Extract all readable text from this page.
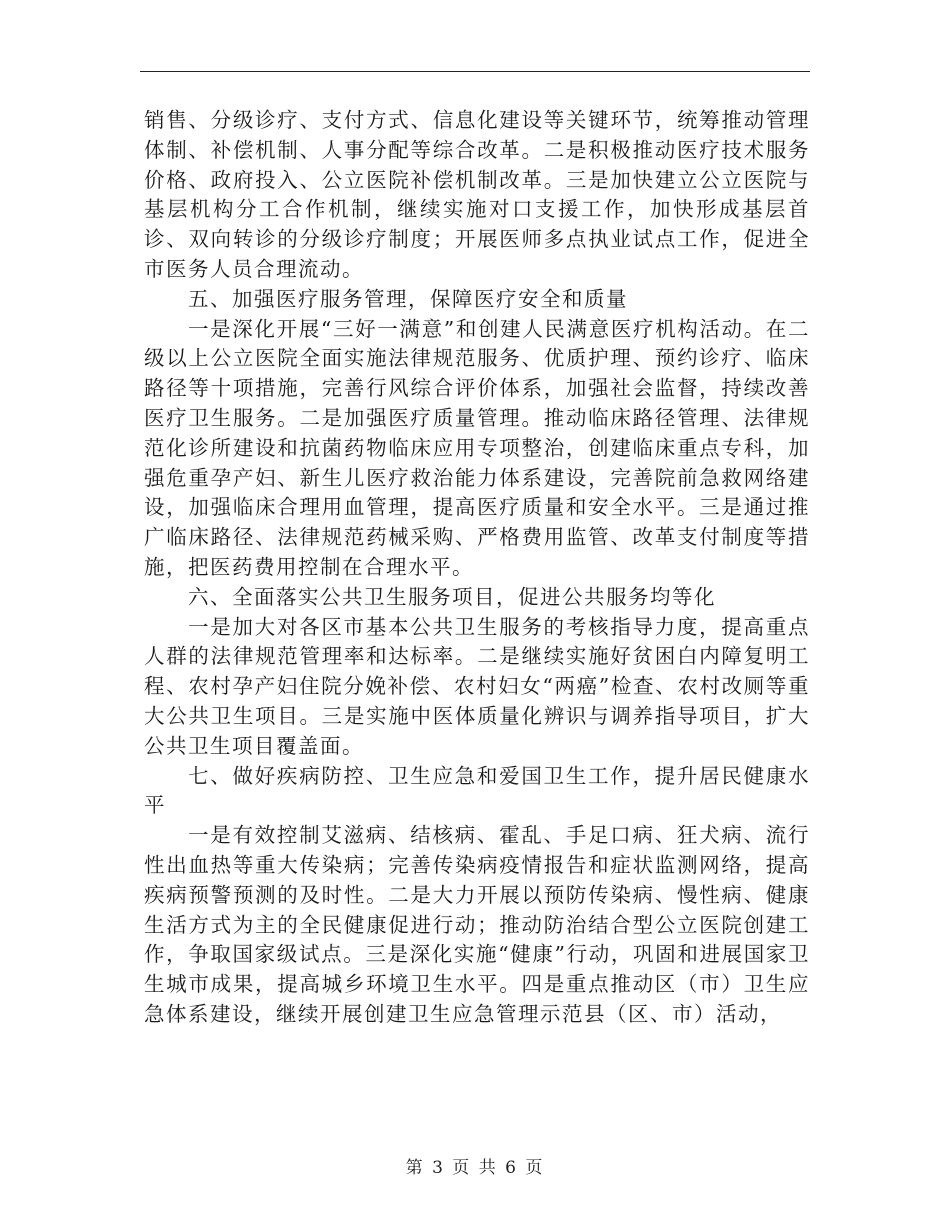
销售、分级诊疗、支付方式、信息化建设等关键环节，统筹推动管理体制、补偿机制、人事分配等综合改革。二是积极推动医疗技术服务价格、政府投入、公立医院补偿机制改革。三是加快建立公立医院与基层机构分工合作机制，继续实施对口支援工作，加快形成基层首诊、双向转诊的分级诊疗制度；开展医师多点执业试点工作，促进全市医务人员合理流动。

五、加强医疗服务管理，保障医疗安全和质量

一是深化开展“三好一满意”和创建人民满意医疗机构活动。在二级以上公立医院全面实施法律规范服务、优质护理、预约诊疗、临床路径等十项措施，完善行风综合评价体系，加强社会监督，持续改善医疗卫生服务。二是加强医疗质量管理。推动临床路径管理、法律规范化诊所建设和抗菌药物临床应用专项整治，创建临床重点专科，加强危重孕产妇、新生儿医疗救治能力体系建设，完善院前急救网络建设，加强临床合理用血管理，提高医疗质量和安全水平。三是通过推广临床路径、法律规范药械采购、严格费用监管、改革支付制度等措施，把医药费用控制在合理水平。

六、全面落实公共卫生服务项目，促进公共服务均等化

一是加大对各区市基本公共卫生服务的考核指导力度，提高重点人群的法律规范管理率和达标率。二是继续实施好贫困白内障复明工程、农村孕产妇住院分娩补偿、农村妇女“两癌”检查、农村改厕等重大公共卫生项目。三是实施中医体质量化辨识与调养指导项目，扩大公共卫生项目覆盖面。

七、做好疾病防控、卫生应急和爱国卫生工作，提升居民健康水平

一是有效控制艾滋病、结核病、霍乱、手足口病、狂犬病、流行性出血热等重大传染病；完善传染病疫情报告和症状监测网络，提高疾病预警预测的及时性。二是大力开展以预防传染病、慢性病、健康生活方式为主的全民健康促进行动；推动防治结合型公立医院创建工作，争取国家级试点。三是深化实施“健康”行动，巩固和进展国家卫生城市成果，提高城乡环境卫生水平。四是重点推动区（市）卫生应急体系建设，继续开展创建卫生应急管理示范县（区、市）活动，

第 3 页 共 6 页
